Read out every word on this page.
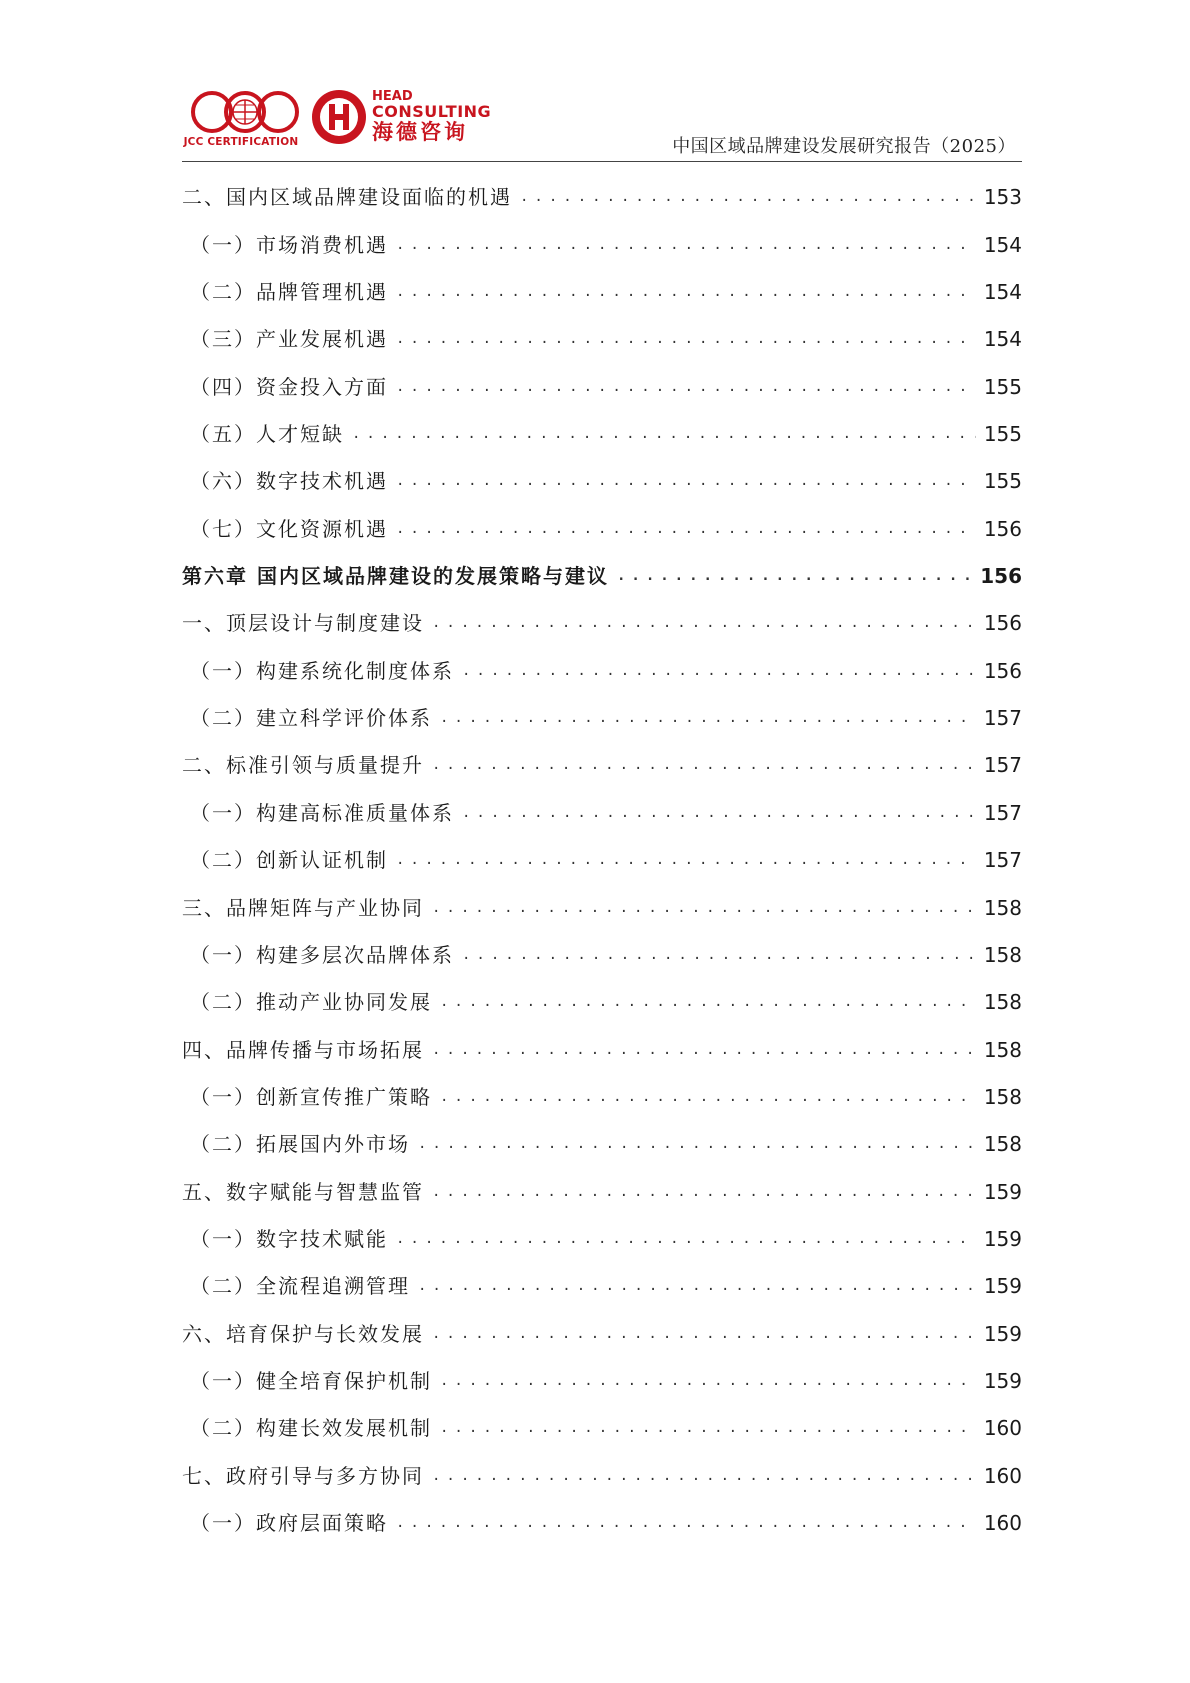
JCC CERTIFICATION
HEAD
CONSULTING
海德咨询
中国区域品牌建设发展研究报告（2025）
二、国内区域品牌建设面临的机遇 .....	153
（一）市场消费机遇 .....	154
（二）品牌管理机遇 .....	154
（三）产业发展机遇 .....	154
（四）资金投入方面 .....	155
（五）人才短缺 .....	155
（六）数字技术机遇 .....	155
（七）文化资源机遇 .....	156
第六章 国内区域品牌建设的发展策略与建议 .....	156
一、顶层设计与制度建设 .....	156
（一）构建系统化制度体系 .....	156
（二）建立科学评价体系 .....	157
二、标准引领与质量提升 .....	157
（一）构建高标准质量体系 .....	157
（二）创新认证机制 .....	157
三、品牌矩阵与产业协同 .....	158
（一）构建多层次品牌体系 .....	158
（二）推动产业协同发展 .....	158
四、品牌传播与市场拓展 .....	158
（一）创新宣传推广策略 .....	158
（二）拓展国内外市场 .....	158
五、数字赋能与智慧监管 .....	159
（一）数字技术赋能 .....	159
（二）全流程追溯管理 .....	159
六、培育保护与长效发展 .....	159
（一）健全培育保护机制 .....	159
（二）构建长效发展机制 .....	160
七、政府引导与多方协同 .....	160
（一）政府层面策略 .....	160
